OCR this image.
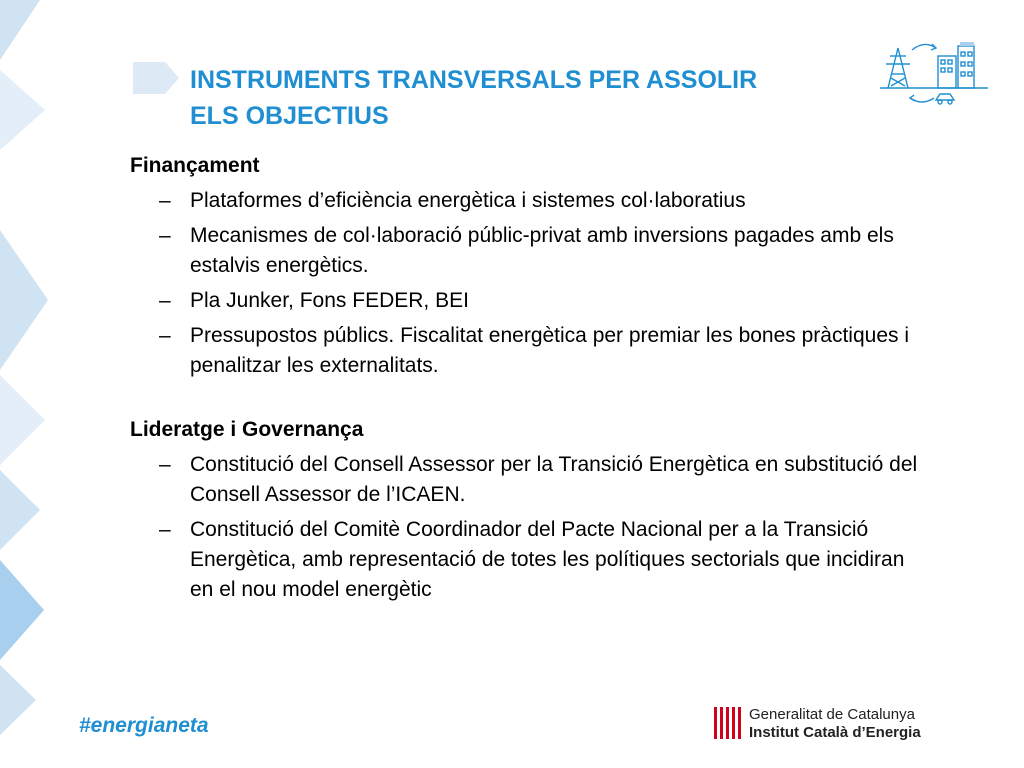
INSTRUMENTS TRANSVERSALS PER ASSOLIR
ELS OBJECTIUS
Finançament
– Plataformes d’eficiència energètica i sistemes col·laboratius
– Mecanismes de col·laboració públic-privat amb inversions pagades amb els estalvis energètics.
– Pla Junker, Fons FEDER, BEI
– Pressupostos públics. Fiscalitat energètica per premiar les bones pràctiques i penalitzar les externalitats.
Lideratge i Governança
– Constitució del Consell Assessor per la Transició Energètica en substitució del Consell Assessor de l’ICAEN.
– Constitució del Comitè Coordinador del Pacte Nacional per a la Transició Energètica, amb representació de totes les polítiques sectorials que incidiran en el nou model energètic
#energianeta	Generalitat de Catalunya
Institut Català d’Energia
